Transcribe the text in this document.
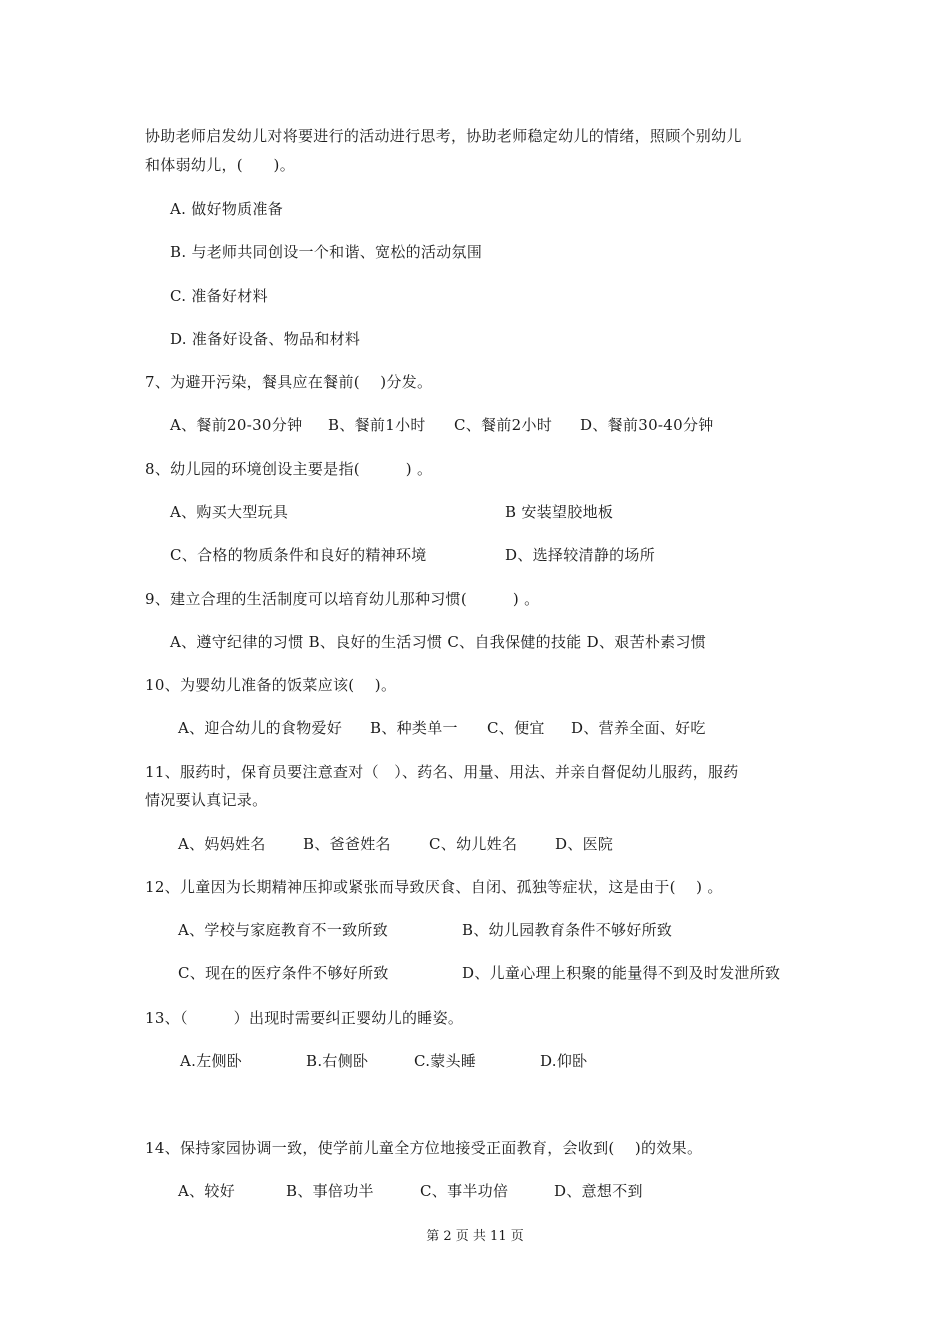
协助老师启发幼儿对将要进行的活动进行思考，协助老师稳定幼儿的情绪，照顾个别幼儿
和体弱幼儿，(　　)。
A. 做好物质准备
B. 与老师共同创设一个和谐、宽松的活动氛围
C. 准备好材料
D. 准备好设备、物品和材料
7、为避开污染，餐具应在餐前(　 )分发。
A、餐前20-30分钟 B、餐前1小时 C、餐前2小时 D、餐前30-40分钟
8、幼儿园的环境创设主要是指(　　　) 。
A、购买大型玩具	B 安装望胶地板
C、合格的物质条件和良好的精神环境	D、选择较清静的场所
9、建立合理的生活制度可以培育幼儿那种习惯(　　　) 。
A、遵守纪律的习惯 B、良好的生活习惯 C、自我保健的技能 D、艰苦朴素习惯
10、为婴幼儿准备的饭菜应该(　 )。
A、迎合幼儿的食物爱好 B、种类单一 C、便宜 D、营养全面、好吃
11、服药时，保育员要注意查对（　）、药名、用量、用法、并亲自督促幼儿服药，服药
情况要认真记录。
A、妈妈姓名 B、爸爸姓名	C、幼儿姓名	D、医院
12、儿童因为长期精神压抑或紧张而导致厌食、自闭、孤独等症状，这是由于(　 ) 。
A、学校与家庭教育不一致所致	B、幼儿园教育条件不够好所致
C、现在的医疗条件不够好所致	D、儿童心理上积聚的能量得不到及时发泄所致
13、（　　　）出现时需要纠正婴幼儿的睡姿。
A.左侧卧	B.右侧卧	C.蒙头睡	D.仰卧
14、保持家园协调一致，使学前儿童全方位地接受正面教育，会收到(　 )的效果。
A、较好	B、事倍功半	C、事半功倍	D、意想不到
第 2 页 共 11 页
